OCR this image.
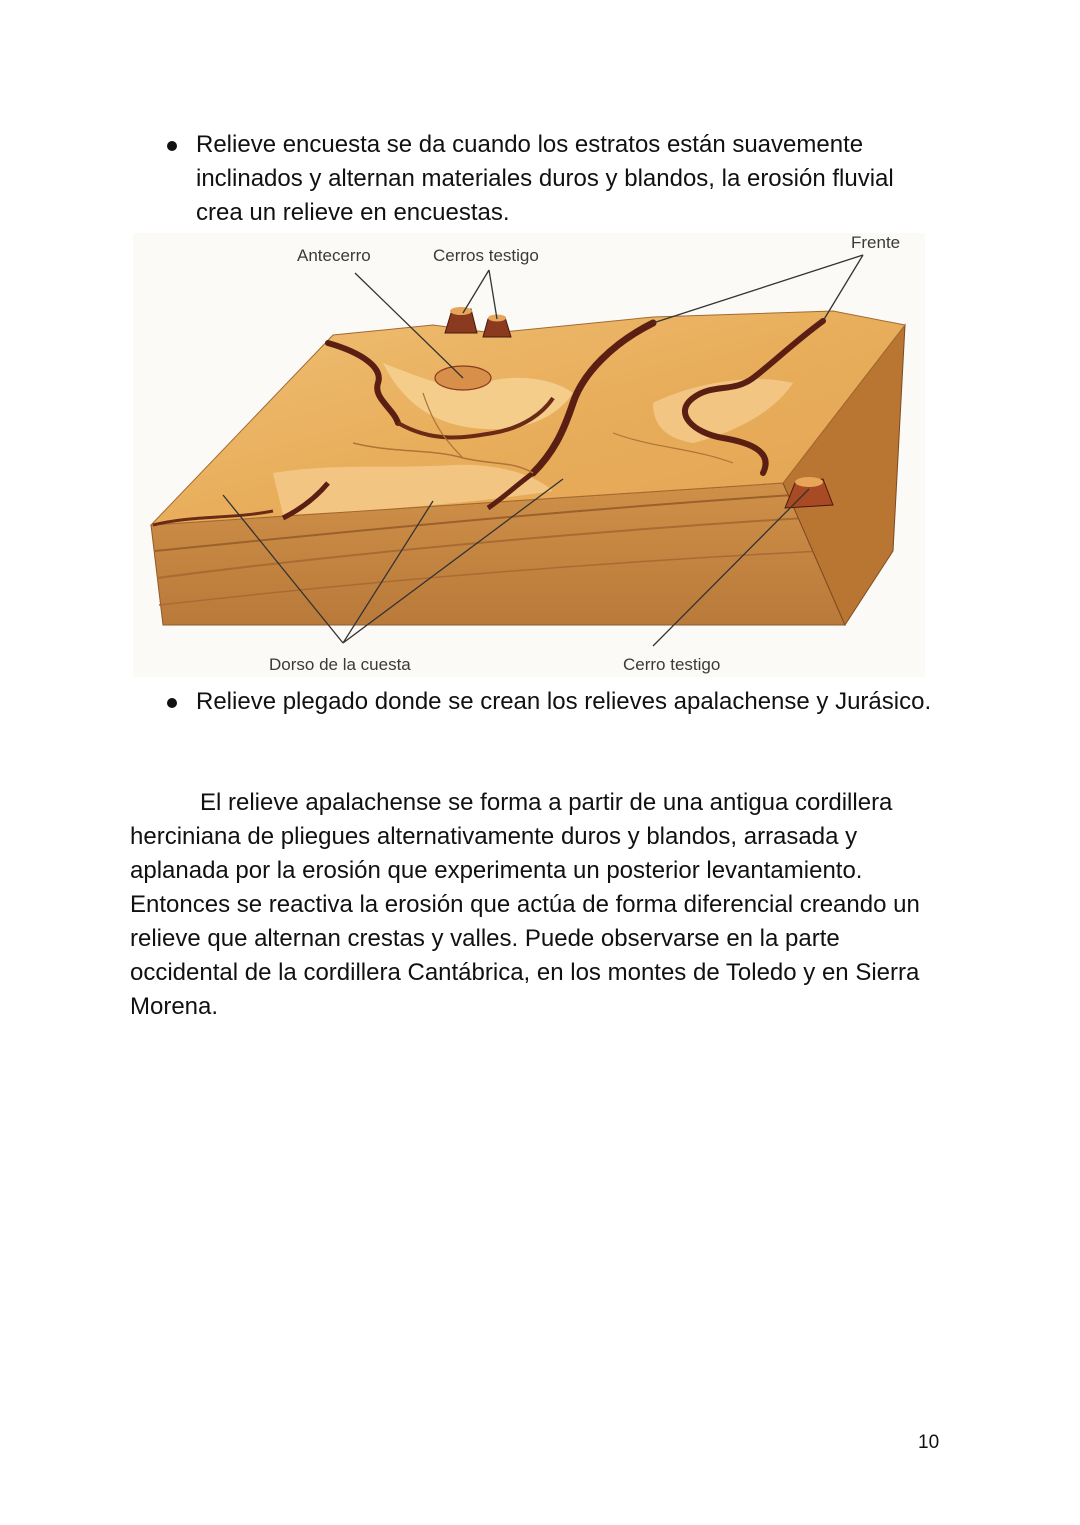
Relieve encuesta se da cuando los estratos están suavemente inclinados y alternan materiales duros y blandos, la erosión fluvial crea un relieve en encuestas.
Antecerro	Cerros testigo
Frente
Dorso de la cuesta	Cerro testigo
Relieve plegado donde se crean los relieves apalachense y Jurásico.

El relieve apalachense se forma a partir de una antigua cordillera herciniana de pliegues alternativamente duros y blandos, arrasada y aplanada por la erosión que experimenta un posterior levantamiento. Entonces se reactiva la erosión que actúa de forma diferencial creando un relieve que alternan crestas y valles. Puede observarse en la parte occidental de la cordillera Cantábrica, en los montes de Toledo y en Sierra Morena.

10
